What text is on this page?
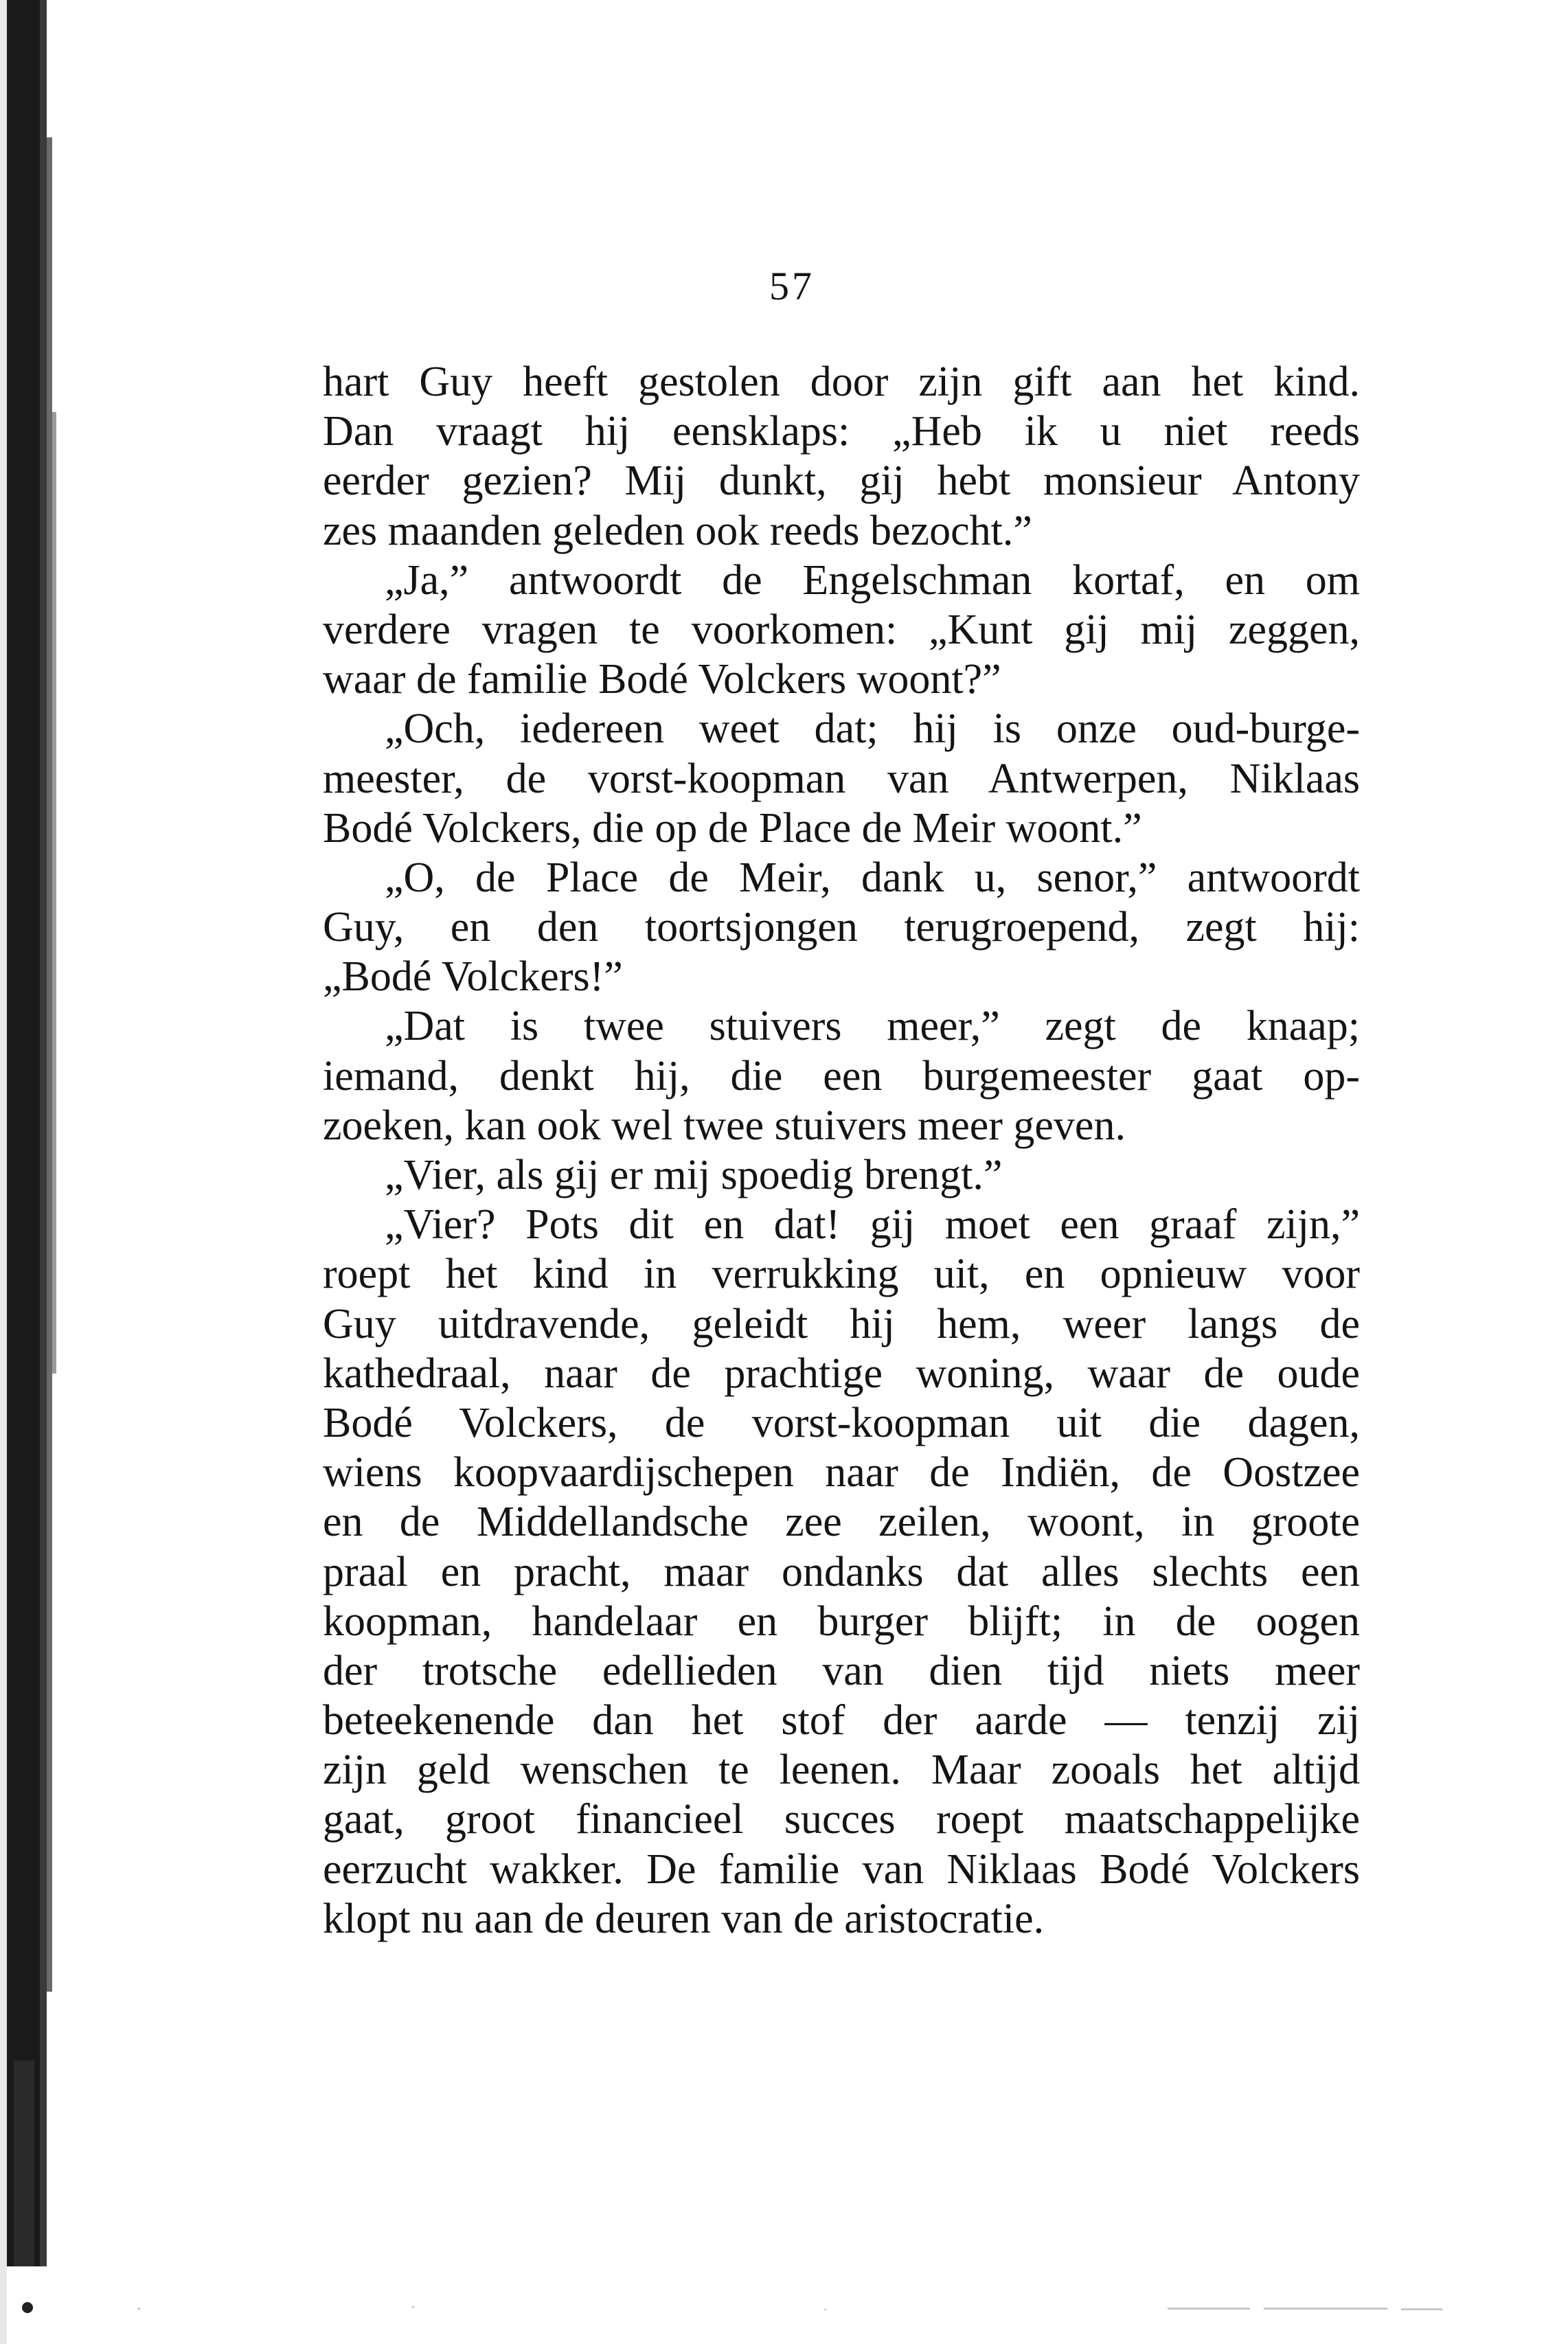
57
hart Guy heeft gestolen door zijn gift aan het kind.
Dan vraagt hij eensklaps: „Heb ik u niet reeds
eerder gezien? Mij dunkt, gij hebt monsieur Antony
zes maanden geleden ook reeds bezocht.”
„Ja,” antwoordt de Engelschman kortaf, en om
verdere vragen te voorkomen: „Kunt gij mij zeggen,
waar de familie Bodé Volckers woont?”
„Och, iedereen weet dat; hij is onze oud-burge-
meester, de vorst-koopman van Antwerpen, Niklaas
Bodé Volckers, die op de Place de Meir woont.”
„O, de Place de Meir, dank u, senor,” antwoordt
Guy, en den toortsjongen terugroepend, zegt hij:
„Bodé Volckers!”
„Dat is twee stuivers meer,” zegt de knaap;
iemand, denkt hij, die een burgemeester gaat op-
zoeken, kan ook wel twee stuivers meer geven.
„Vier, als gij er mij spoedig brengt.”
„Vier? Pots dit en dat! gij moet een graaf zijn,”
roept het kind in verrukking uit, en opnieuw voor
Guy uitdravende, geleidt hij hem, weer langs de
kathedraal, naar de prachtige woning, waar de oude
Bodé Volckers, de vorst-koopman uit die dagen,
wiens koopvaardijschepen naar de Indiën, de Oostzee
en de Middellandsche zee zeilen, woont, in groote
praal en pracht, maar ondanks dat alles slechts een
koopman, handelaar en burger blijft; in de oogen
der trotsche edellieden van dien tijd niets meer
beteekenende dan het stof der aarde — tenzij zij
zijn geld wenschen te leenen. Maar zooals het altijd
gaat, groot financieel succes roept maatschappelijke
eerzucht wakker. De familie van Niklaas Bodé Volckers
klopt nu aan de deuren van de aristocratie.
